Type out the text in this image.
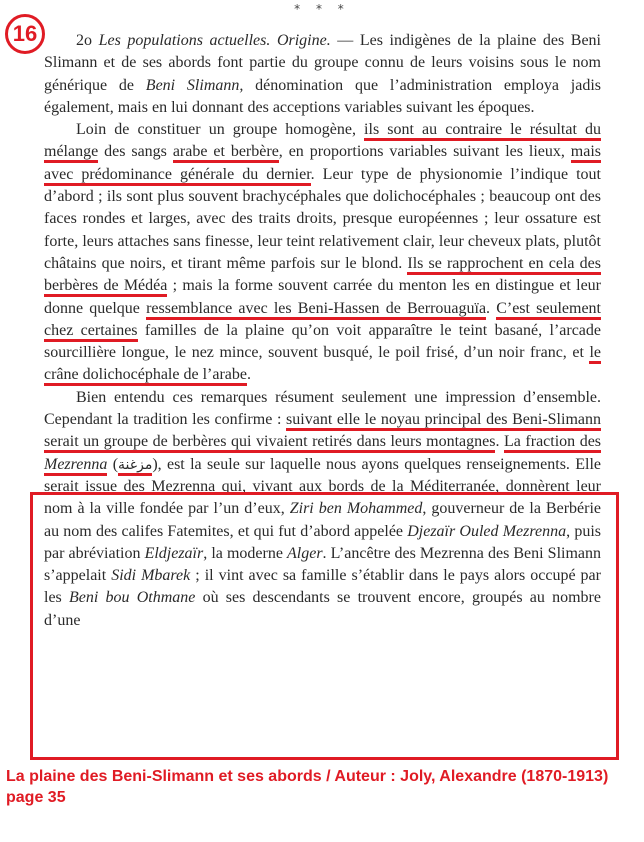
* * *
16	2o Les populations actuelles. Origine. — Les indigènes de la plaine des Beni Slimann et de ses abords font partie du groupe connu de leurs voisins sous le nom générique de Beni Slimann, dénomination que l’administration employa jadis également, mais en lui donnant des acceptions variables suivant les époques.

Loin de constituer un groupe homogène, ils sont au contraire le résultat du mélange des sangs arabe et berbère, en proportions variables suivant les lieux, mais avec prédominance générale du dernier. Leur type de physionomie l’indique tout d’abord ; ils sont plus souvent brachycéphales que dolichocéphales ; beaucoup ont des faces rondes et larges, avec des traits droits, presque européennes ; leur ossature est forte, leurs attaches sans finesse, leur teint relativement clair, leur cheveux plats, plutôt châtains que noirs, et tirant même parfois sur le blond. Ils se rapprochent en cela des berbères de Médéa ; mais la forme souvent carrée du menton les en distingue et leur donne quelque ressemblance avec les Beni-Hassen de Berrouaguïa. C’est seulement chez certaines familles de la plaine qu’on voit apparaître le teint basané, l’arcade sourcillière longue, le nez mince, souvent busqué, le poil frisé, d’un noir franc, et le crâne dolichocéphale de l’arabe.

Bien entendu ces remarques résument seulement une impression d’ensemble. Cependant la tradition les confirme : suivant elle le noyau principal des Beni-Slimann serait un groupe de berbères qui vivaient retirés dans leurs montagnes. La fraction des Mezrenna (مزغنة), est la seule sur laquelle nous ayons quelques renseignements. Elle serait issue des Mezrenna qui, vivant aux bords de la Méditerranée, donnèrent leur nom à la ville fondée par l’un d’eux, Ziri ben Mohammed, gouverneur de la Berbérie au nom des califes Fatemites, et qui fut d’abord appelée Djezaïr Ouled Mezrenna, puis par abréviation Eldjezaïr, la moderne Alger. L’ancêtre des Mezrenna des Beni Slimann s’appelait Sidi Mbarek ; il vint avec sa famille s’établir dans le pays alors occupé par les Beni bou Othmane où ses descendants se trouvent encore, groupés au nombre d’une

La plaine des Beni-Slimann et ses abords / Auteur : Joly, Alexandre (1870-1913) page 35
